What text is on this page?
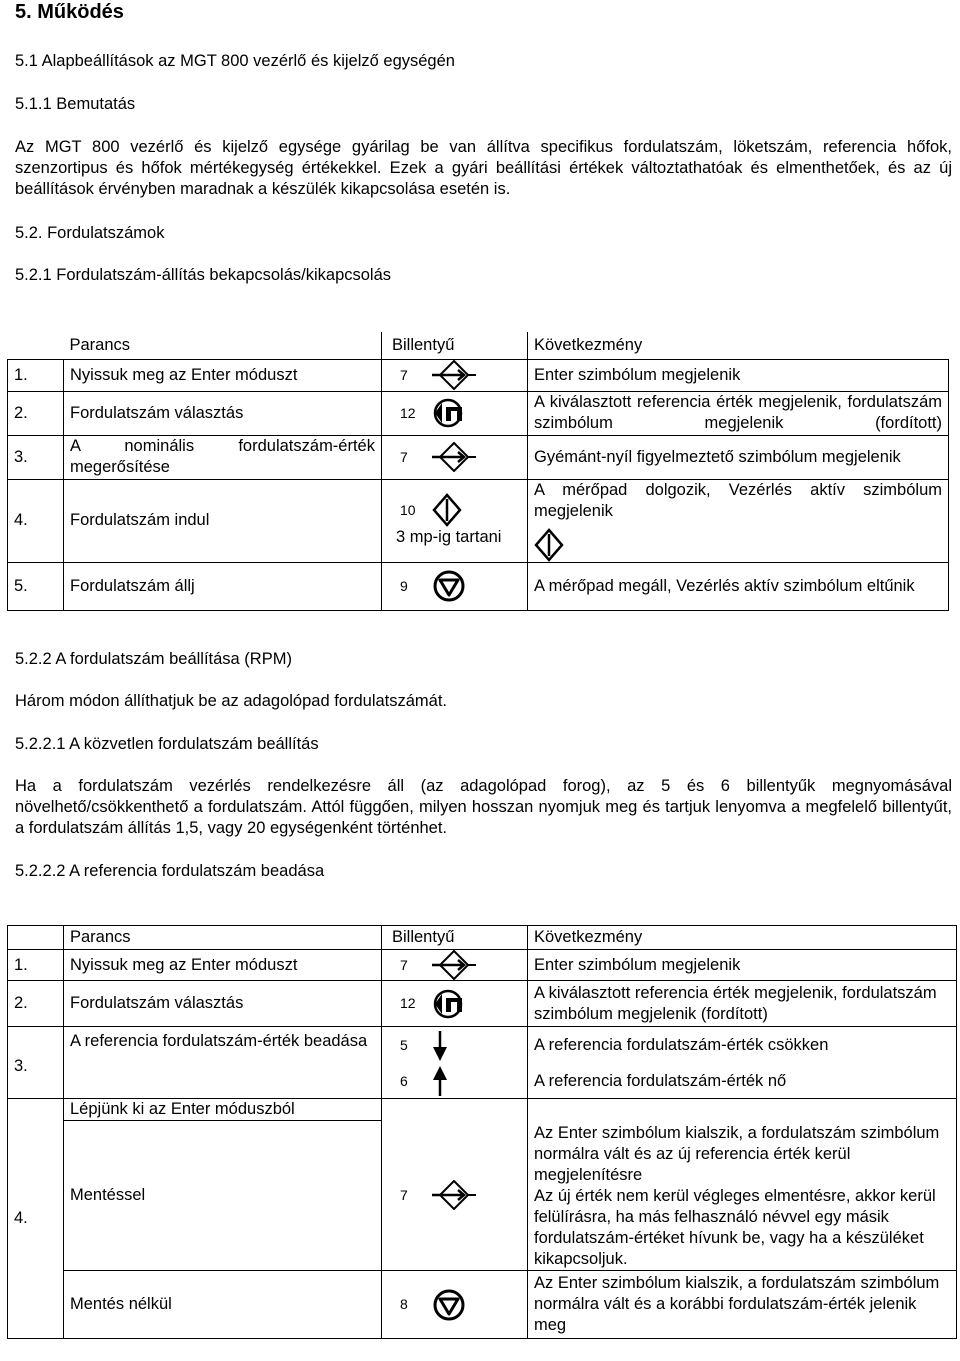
5. Működés
5.1 Alapbeállítások az MGT 800 vezérlő és kijelző egységén
5.1.1 Bemutatás
Az MGT 800 vezérlő és kijelző egysége gyárilag be van állítva specifikus fordulatszám, löketszám, referencia hőfok, szenzortipus és hőfok mértékegység értékekkel. Ezek a gyári beállítási értékek változtathatóak és elmenthetőek, és az új beállítások érvényben maradnak a készülék kikapcsolása esetén is.
5.2. Fordulatszámok
5.2.1 Fordulatszám-állítás bekapcsolás/kikapcsolás
	Parancs	Billentyű	Következmény
1.	Nyissuk meg az Enter móduszt	7	Enter szimbólum megjelenik
2.	Fordulatszám választás	12	A kiválasztott referencia érték megjelenik, fordulatszám szimbólum megjelenik (fordított)

3.	A nominális fordulatszám-érték megerősítése	7	Gyémánt-nyíl figyelmeztető szimbólum megjelenik
4.	Fordulatszám indul	10
3 mp-ig tartani	A mérőpad dolgozik, Vezérlés aktív szimbólum megjelenik

5.	Fordulatszám állj	9	A mérőpad megáll, Vezérlés aktív szimbólum eltűnik
5.2.2 A fordulatszám beállítása (RPM)
Három módon állíthatjuk be az adagolópad fordulatszámát.
5.2.2.1 A közvetlen fordulatszám beállítás
Ha a fordulatszám vezérlés rendelkezésre áll (az adagolópad forog), az 5 és 6 billentyűk megnyomásával növelhető/csökkenthető a fordulatszám. Attól függően, milyen hosszan nyomjuk meg és tartjuk lenyomva a megfelelő billentyűt, a fordulatszám állítás 1,5, vagy 20 egységenként történhet.
5.2.2.2 A referencia fordulatszám beadása
	Parancs	Billentyű	Következmény
1.	Nyissuk meg az Enter móduszt	7	Enter szimbólum megjelenik
2.	Fordulatszám választás	12	A kiválasztott referencia érték megjelenik, fordulatszám szimbólum megjelenik (fordított)
3.	A referencia fordulatszám-érték beadása	5	A referencia fordulatszám-érték csökken
		6	A referencia fordulatszám-érték nő
4.	Lépjünk ki az Enter móduszból		
	Mentéssel	7	Az Enter szimbólum kialszik, a fordulatszám szimbólum normálra vált és az új referencia érték kerül megjelenítésre
Az új érték nem kerül végleges elmentésre, akkor kerül felülírásra, ha más felhasználó névvel egy másik fordulatszám-értéket hívunk be, vagy ha a készüléket kikapcsoljuk.

	Mentés nélkül	8	Az Enter szimbólum kialszik, a fordulatszám szimbólum normálra vált és a korábbi fordulatszám-érték jelenik meg
